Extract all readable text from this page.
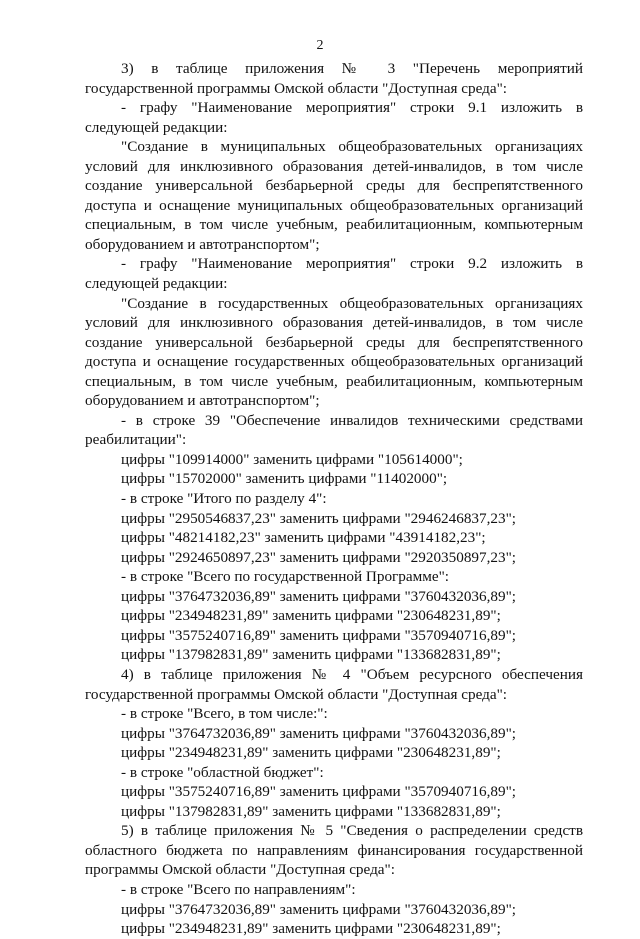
2

3) в таблице приложения № 3 "Перечень мероприятий государственной программы Омской области "Доступная среда":

- графу "Наименование мероприятия" строки 9.1 изложить в следующей редакции:

"Создание в муниципальных общеобразовательных организациях условий для инклюзивного образования детей-инвалидов, в том числе создание универсальной безбарьерной среды для беспрепятственного доступа и оснащение муниципальных общеобразовательных организаций специальным, в том числе учебным, реабилитационным, компьютерным оборудованием и автотранспортом";

- графу "Наименование мероприятия" строки 9.2 изложить в следующей редакции:

"Создание в государственных общеобразовательных организациях условий для инклюзивного образования детей-инвалидов, в том числе создание универсальной безбарьерной среды для беспрепятственного доступа и оснащение государственных общеобразовательных организаций специальным, в том числе учебным, реабилитационным, компьютерным оборудованием и автотранспортом";

- в строке 39 "Обеспечение инвалидов техническими средствами реабилитации":

цифры "109914000" заменить цифрами "105614000";

цифры "15702000" заменить цифрами "11402000";

- в строке "Итого по разделу 4":

цифры "2950546837,23" заменить цифрами "2946246837,23";

цифры "48214182,23" заменить цифрами "43914182,23";

цифры "2924650897,23" заменить цифрами "2920350897,23";

- в строке "Всего по государственной Программе":

цифры "3764732036,89" заменить цифрами "3760432036,89";

цифры "234948231,89" заменить цифрами "230648231,89";

цифры "3575240716,89" заменить цифрами "3570940716,89";

цифры "137982831,89" заменить цифрами "133682831,89";

4) в таблице приложения № 4 "Объем ресурсного обеспечения государственной программы Омской области "Доступная среда":

- в строке "Всего, в том числе:":

цифры "3764732036,89" заменить цифрами "3760432036,89";

цифры "234948231,89" заменить цифрами "230648231,89";

- в строке "областной бюджет":

цифры "3575240716,89" заменить цифрами "3570940716,89";

цифры "137982831,89" заменить цифрами "133682831,89";

5) в таблице приложения № 5 "Сведения о распределении средств областного бюджета по направлениям финансирования государственной программы Омской области "Доступная среда":

- в строке "Всего по направлениям":

цифры "3764732036,89" заменить цифрами "3760432036,89";

цифры "234948231,89" заменить цифрами "230648231,89";
